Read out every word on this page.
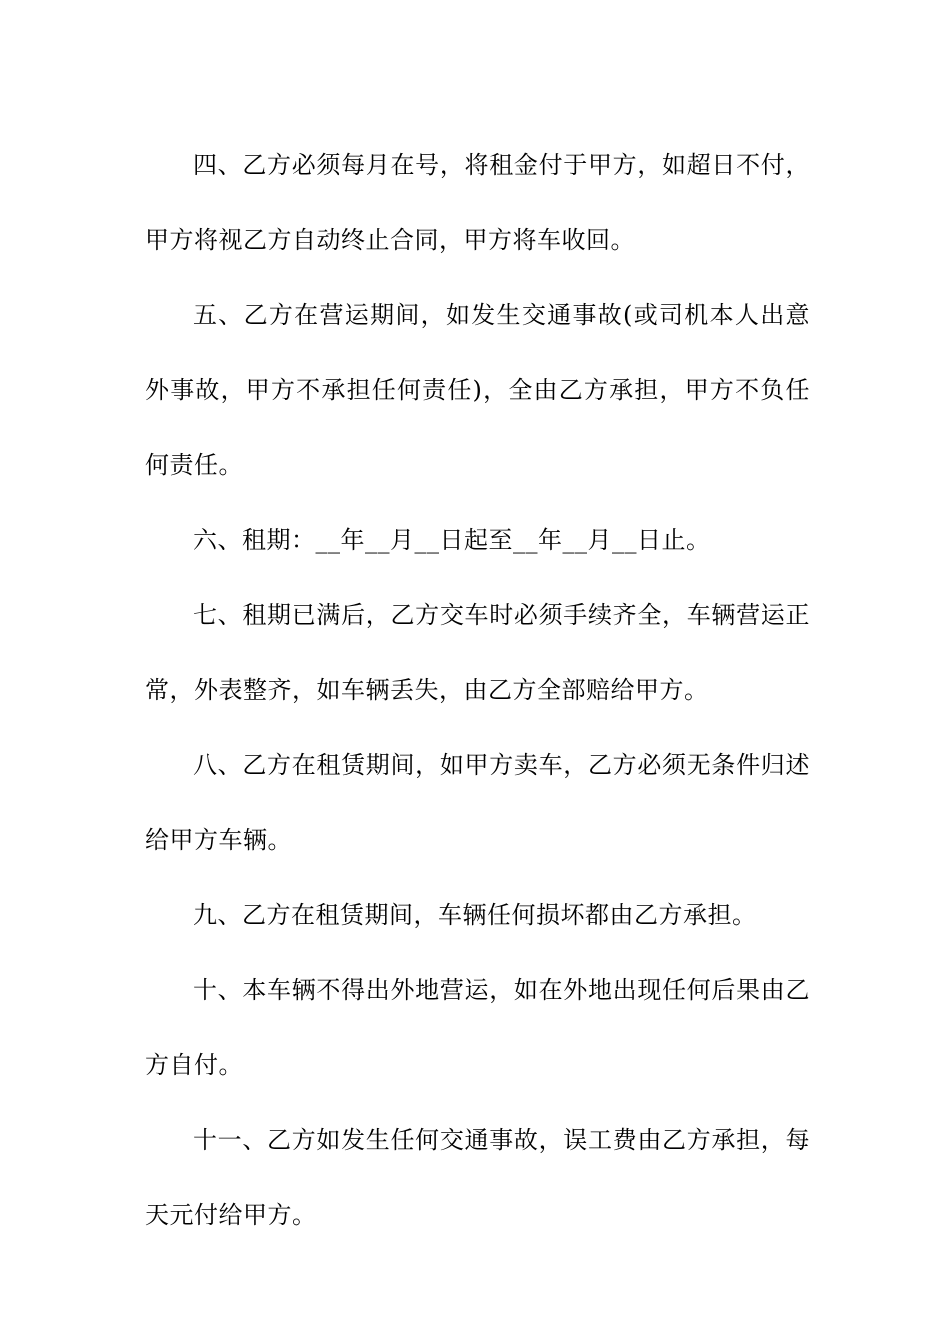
四、乙方必须每月在号，将租金付于甲方，如超日不付，甲方将视乙方自动终止合同，甲方将车收回。

五、乙方在营运期间，如发生交通事故(或司机本人出意外事故，甲方不承担任何责任)，全由乙方承担，甲方不负任何责任。

六、租期：__年__月__日起至__年__月__日止。

七、租期已满后，乙方交车时必须手续齐全，车辆营运正常，外表整齐，如车辆丢失，由乙方全部赔给甲方。

八、乙方在租赁期间，如甲方卖车，乙方必须无条件归述给甲方车辆。

九、乙方在租赁期间，车辆任何损坏都由乙方承担。

十、本车辆不得出外地营运，如在外地出现任何后果由乙方自付。

十一、乙方如发生任何交通事故，误工费由乙方承担，每天元付给甲方。
